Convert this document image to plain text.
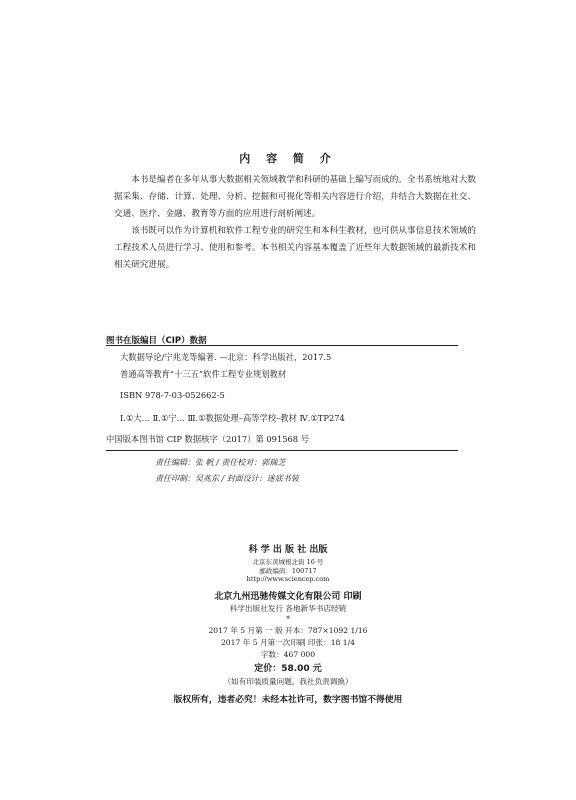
内 容 简 介

本书是编者在多年从事大数据相关领域教学和科研的基础上编写而成的。全书系统地对大数据采集、存储、计算、处理、分析、挖掘和可视化等相关内容进行介绍，并结合大数据在社交、交通、医疗、金融、教育等方面的应用进行剖析阐述。

该书既可以作为计算机和软件工程专业的研究生和本科生教材，也可供从事信息技术领域的工程技术人员进行学习、使用和参考。本书相关内容基本覆盖了近些年大数据领域的最新技术和相关研究进展。

图书在版编目（CIP）数据
大数据导论/宁兆龙等编著. —北京：科学出版社，2017.5
普通高等教育“十三五”软件工程专业规划教材
ISBN 978-7-03-052662-5
Ⅰ.①大… Ⅱ.①宁… Ⅲ.①数据处理–高等学校–教材 Ⅳ.①TP274
中国版本图书馆 CIP 数据核字（2017）第 091568 号
责任编辑：张 帆 / 责任校对：郭瑞芝
责任印制：吴兆东 / 封面设计：迷底书装
科 学 出 版 社 出版
北京东黄城根北街 16 号
邮政编码：100717
http://www.sciencep.com
北京九州迅驰传媒文化有限公司 印刷
科学出版社发行 各地新华书店经销
*
2017 年 5 月第 一 版 开本：787×1092 1/16
2017 年 5 月第一次印刷 印张：18 1/4
字数：467 000
定价：58.00 元
（如有印装质量问题，我社负责调换）
版权所有，违者必究！未经本社许可，数字图书馆不得使用
